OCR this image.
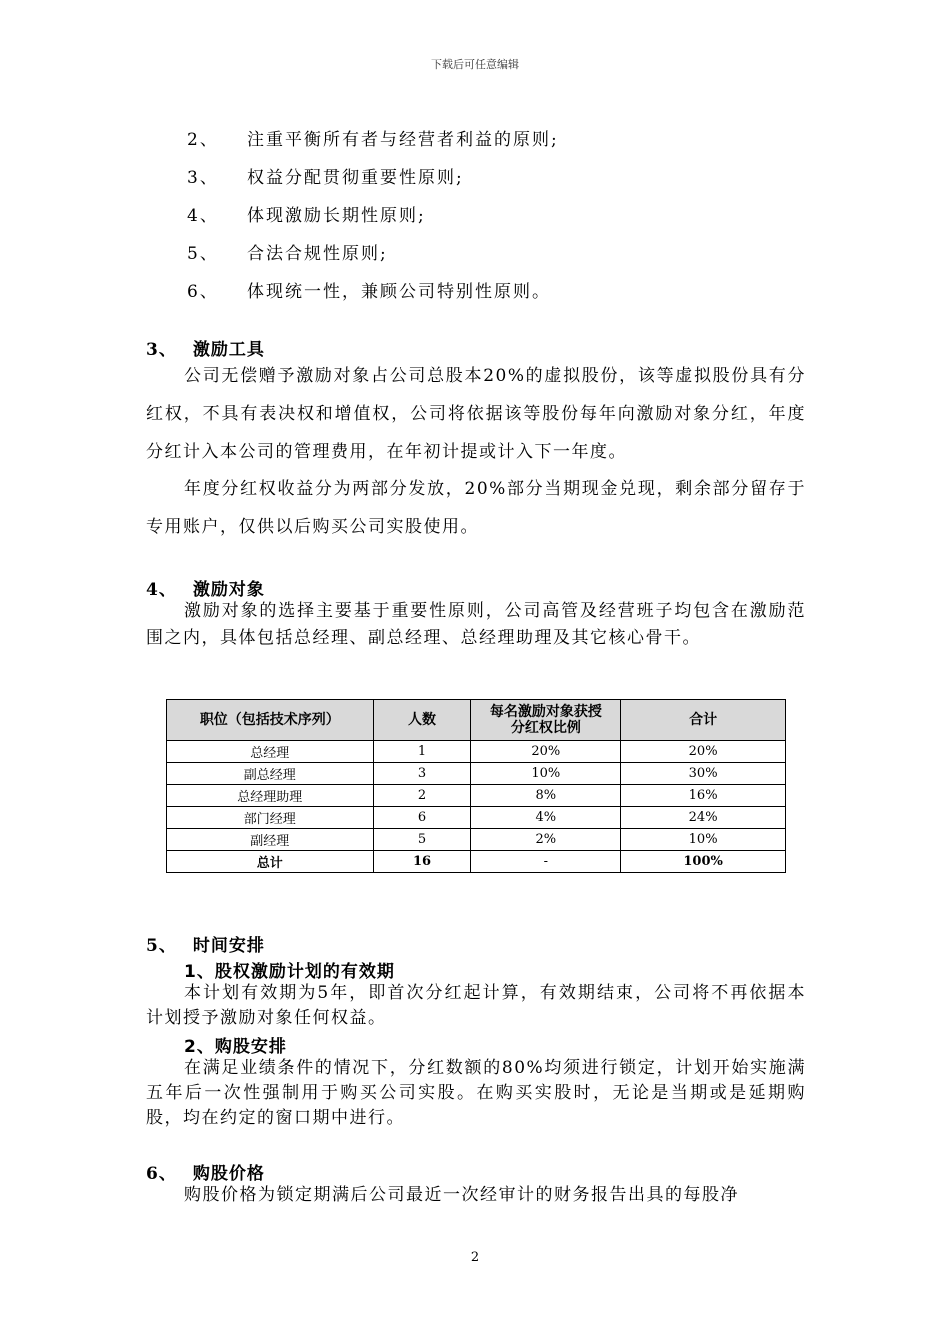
下载后可任意编辑
2、	注重平衡所有者与经营者利益的原则;
3、	权益分配贯彻重要性原则;
4、	体现激励长期性原则;
5、	合法合规性原则;
6、	体现统一性，兼顾公司特别性原则。
3、 激励工具
公司无偿赠予激励对象占公司总股本20%的虚拟股份，该等虚拟股份具有分红权，不具有表决权和增值权，公司将依据该等股份每年向激励对象分红，年度分红计入本公司的管理费用，在年初计提或计入下一年度。
年度分红权收益分为两部分发放，20%部分当期现金兑现，剩余部分留存于专用账户，仅供以后购买公司实股使用。
4、 激励对象
激励对象的选择主要基于重要性原则，公司高管及经营班子均包含在激励范围之内，具体包括总经理、副总经理、总经理助理及其它核心骨干。
职位（包括技术序列）	人数	每名激励对象获授分红权比例	合计
总经理	1	20%	20%
副总经理	3	10%	30%
总经理助理	2	8%	16%
部门经理	6	4%	24%
副经理	5	2%	10%
总计	16	-	100%
5、 时间安排
1、股权激励计划的有效期
本计划有效期为5年，即首次分红起计算，有效期结束，公司将不再依据本计划授予激励对象任何权益。
2、购股安排
在满足业绩条件的情况下，分红数额的80%均须进行锁定，计划开始实施满五年后一次性强制用于购买公司实股。在购买实股时，无论是当期或是延期购股，均在约定的窗口期中进行。
6、 购股价格
购股价格为锁定期满后公司最近一次经审计的财务报告出具的每股净
2
